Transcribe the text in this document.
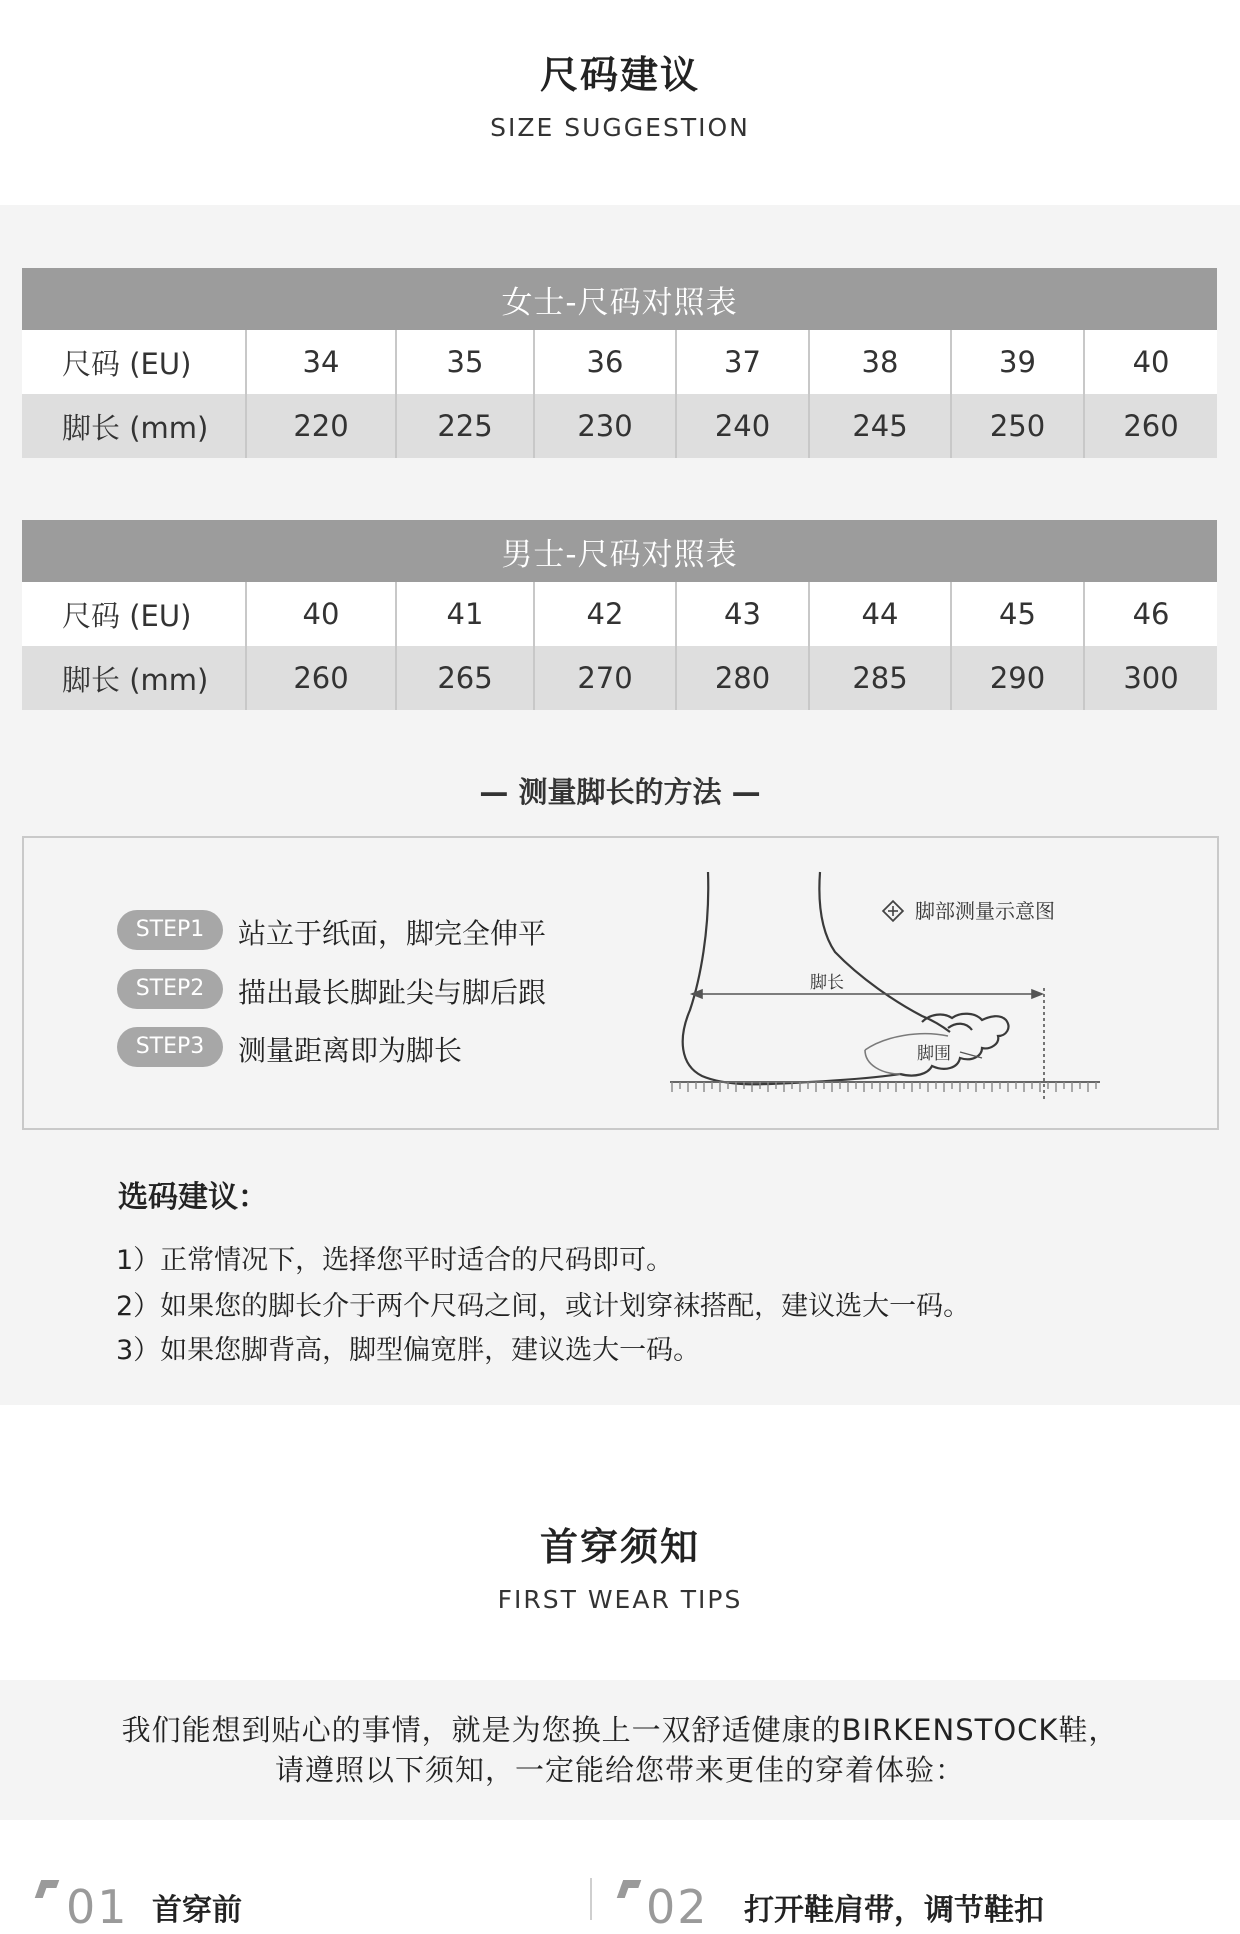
尺码建议
SIZE SUGGESTION
女士-尺码对照表							
尺码 (EU)	34	35	36	37	38	39	40
脚长 (mm)	220	225	230	240	245	250	260
男士-尺码对照表							
尺码 (EU)	40	41	42	43	44	45	46
脚长 (mm)	260	265	270	280	285	290	300
— 测量脚长的方法 —
STEP1	站立于纸面，脚完全伸平
STEP2	描出最长脚趾尖与脚后跟
STEP3	测量距离即为脚长
脚长
脚围
脚部测量示意图
选码建议：
1）正常情况下，选择您平时适合的尺码即可。
2）如果您的脚长介于两个尺码之间，或计划穿袜搭配，建议选大一码。
3）如果您脚背高，脚型偏宽胖，建议选大一码。
首穿须知
FIRST WEAR TIPS
我们能想到贴心的事情，就是为您换上一双舒适健康的BIRKENSTOCK鞋，
请遵照以下须知，一定能给您带来更佳的穿着体验：
01 首穿前	02 打开鞋肩带，调节鞋扣
